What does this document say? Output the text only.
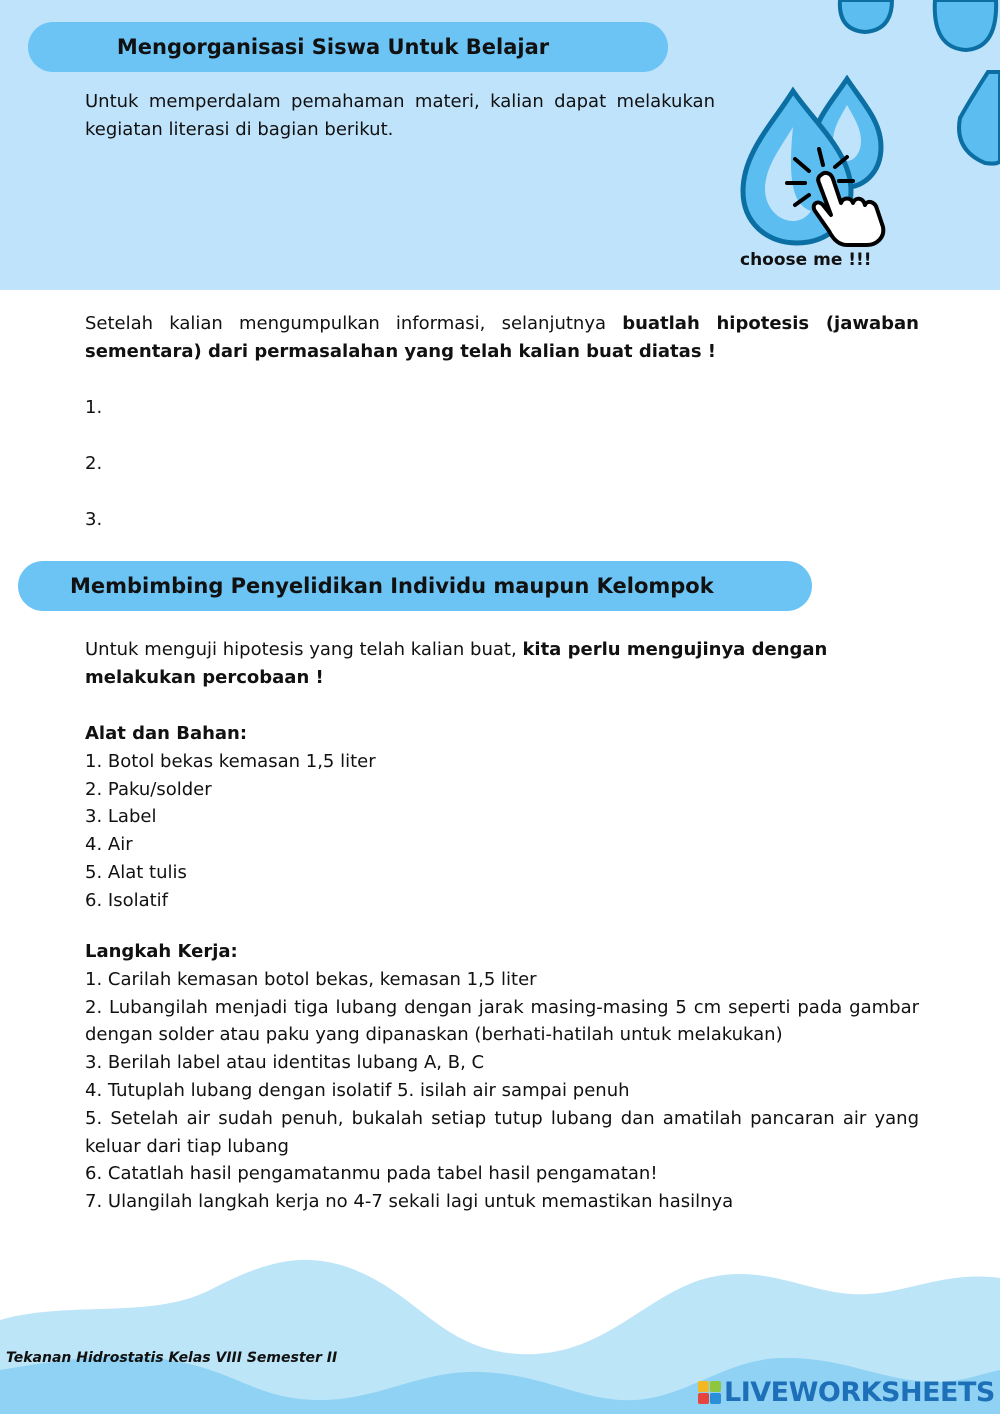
Mengorganisasi Siswa Untuk Belajar
Untuk memperdalam pemahaman materi, kalian dapat melakukan kegiatan literasi di bagian berikut.
choose me !!!
Setelah kalian mengumpulkan informasi, selanjutnya buatlah hipotesis (jawaban sementara) dari permasalahan yang telah kalian buat diatas !
1.
2.
3.
Membimbing Penyelidikan Individu maupun Kelompok
Untuk menguji hipotesis yang telah kalian buat, kita perlu mengujinya dengan melakukan percobaan !
Alat dan Bahan:
1. Botol bekas kemasan 1,5 liter
2. Paku/solder
3. Label
4. Air
5. Alat tulis
6. Isolatif
Langkah Kerja:
1. Carilah kemasan botol bekas, kemasan 1,5 liter
2. Lubangilah menjadi tiga lubang dengan jarak masing-masing 5 cm seperti pada gambar dengan solder atau paku yang dipanaskan (berhati-hatilah untuk melakukan)
3. Berilah label atau identitas lubang A, B, C
4. Tutuplah lubang dengan isolatif 5. isilah air sampai penuh
5. Setelah air sudah penuh, bukalah setiap tutup lubang dan amatilah pancaran air yang keluar dari tiap lubang
6. Catatlah hasil pengamatanmu pada tabel hasil pengamatan!
7. Ulangilah langkah kerja no 4-7 sekali lagi untuk memastikan hasilnya
Tekanan Hidrostatis Kelas VIII Semester II
LIVEWORKSHEETS
